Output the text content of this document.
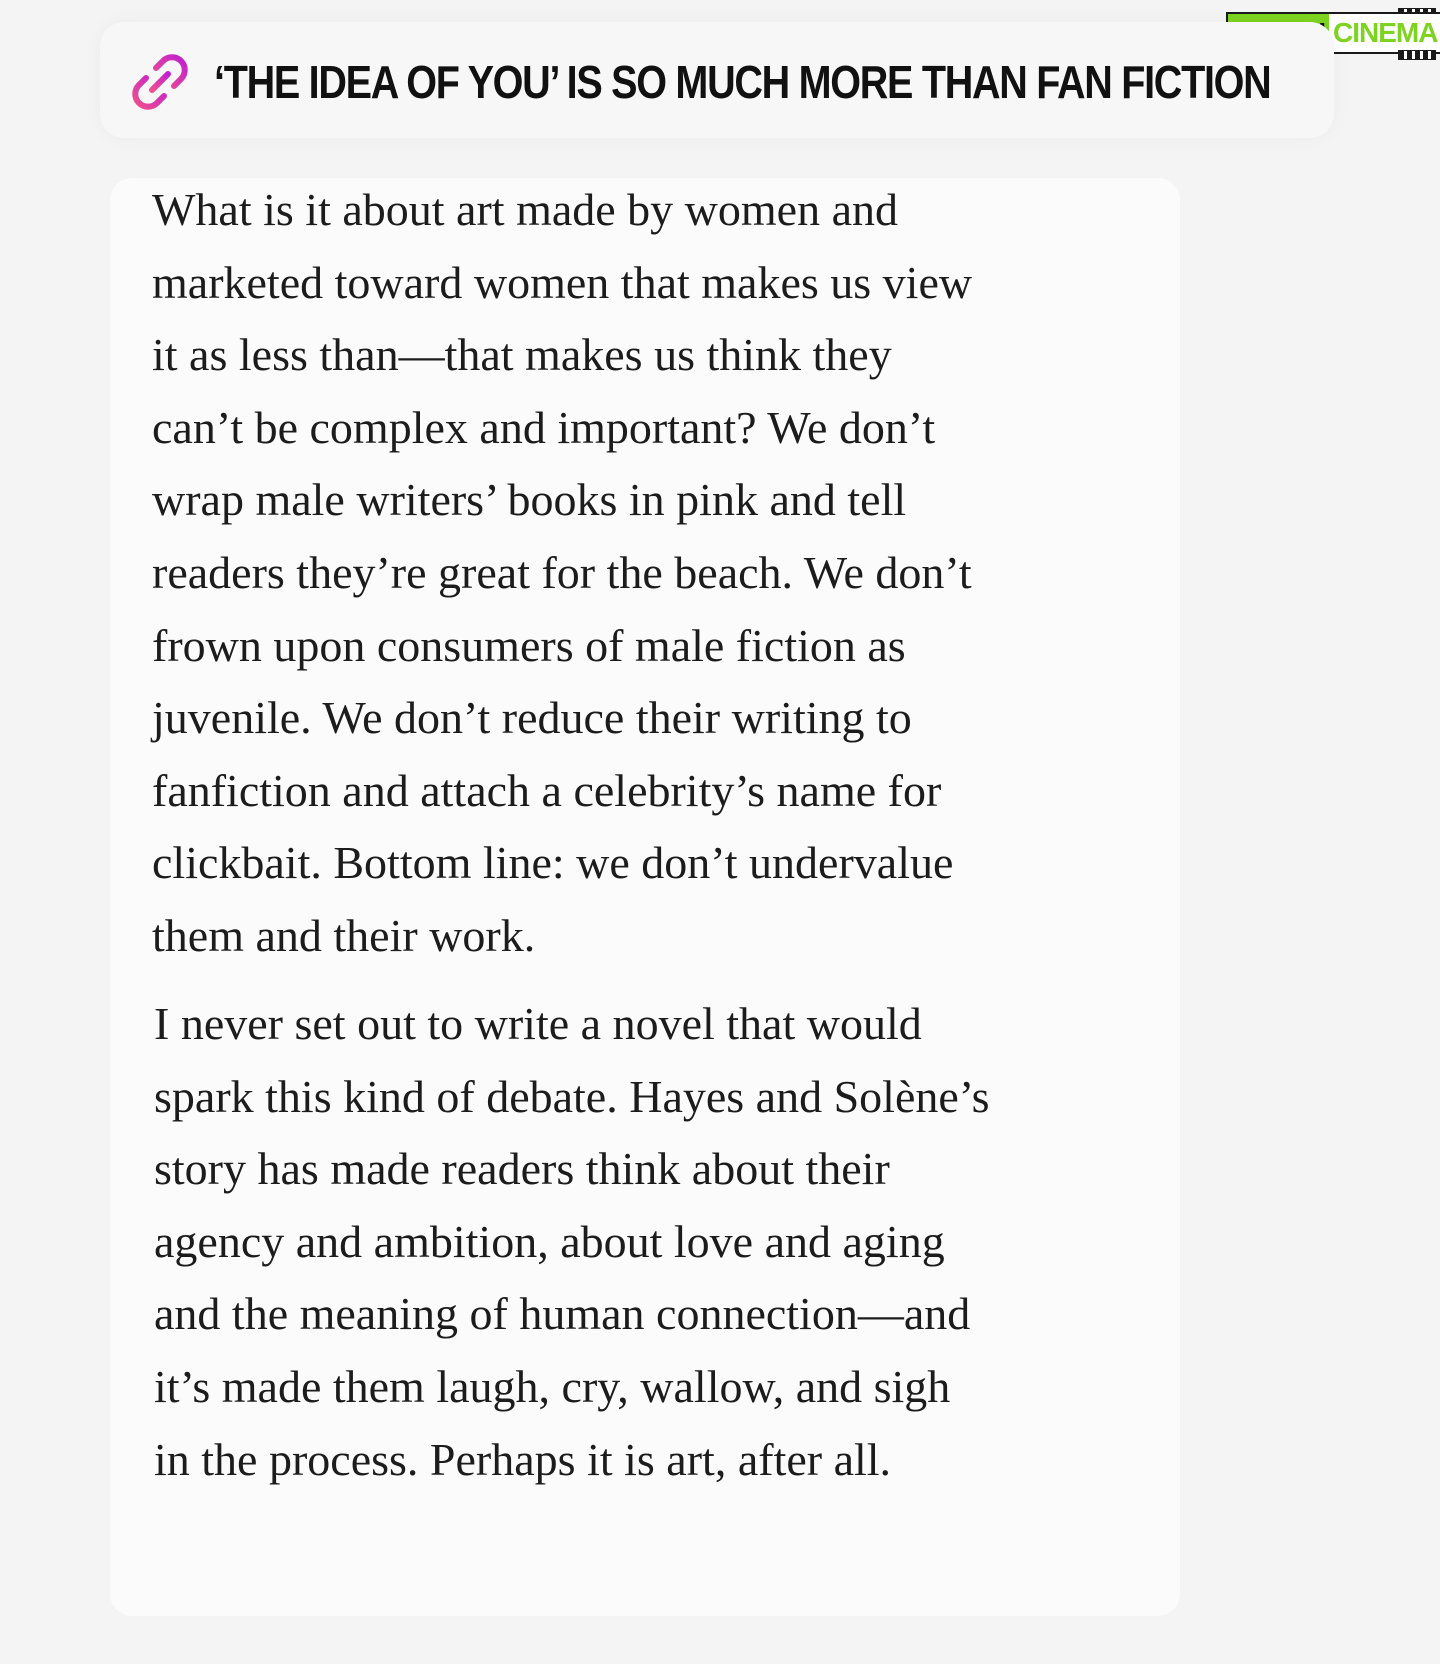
CINEMA
‘THE IDEA OF YOU’ IS SO MUCH MORE THAN FAN FICTION

What is it about art made by women and
marketed toward women that makes us view
it as less than—that makes us think they
can’t be complex and important? We don’t
wrap male writers’ books in pink and tell
readers they’re great for the beach. We don’t
frown upon consumers of male fiction as
juvenile. We don’t reduce their writing to
fanfiction and attach a celebrity’s name for
clickbait. Bottom line: we don’t undervalue
them and their work.

I never set out to write a novel that would
spark this kind of debate. Hayes and Solène’s
story has made readers think about their
agency and ambition, about love and aging
and the meaning of human connection—and
it’s made them laugh, cry, wallow, and sigh
in the process. Perhaps it is art, after all.
